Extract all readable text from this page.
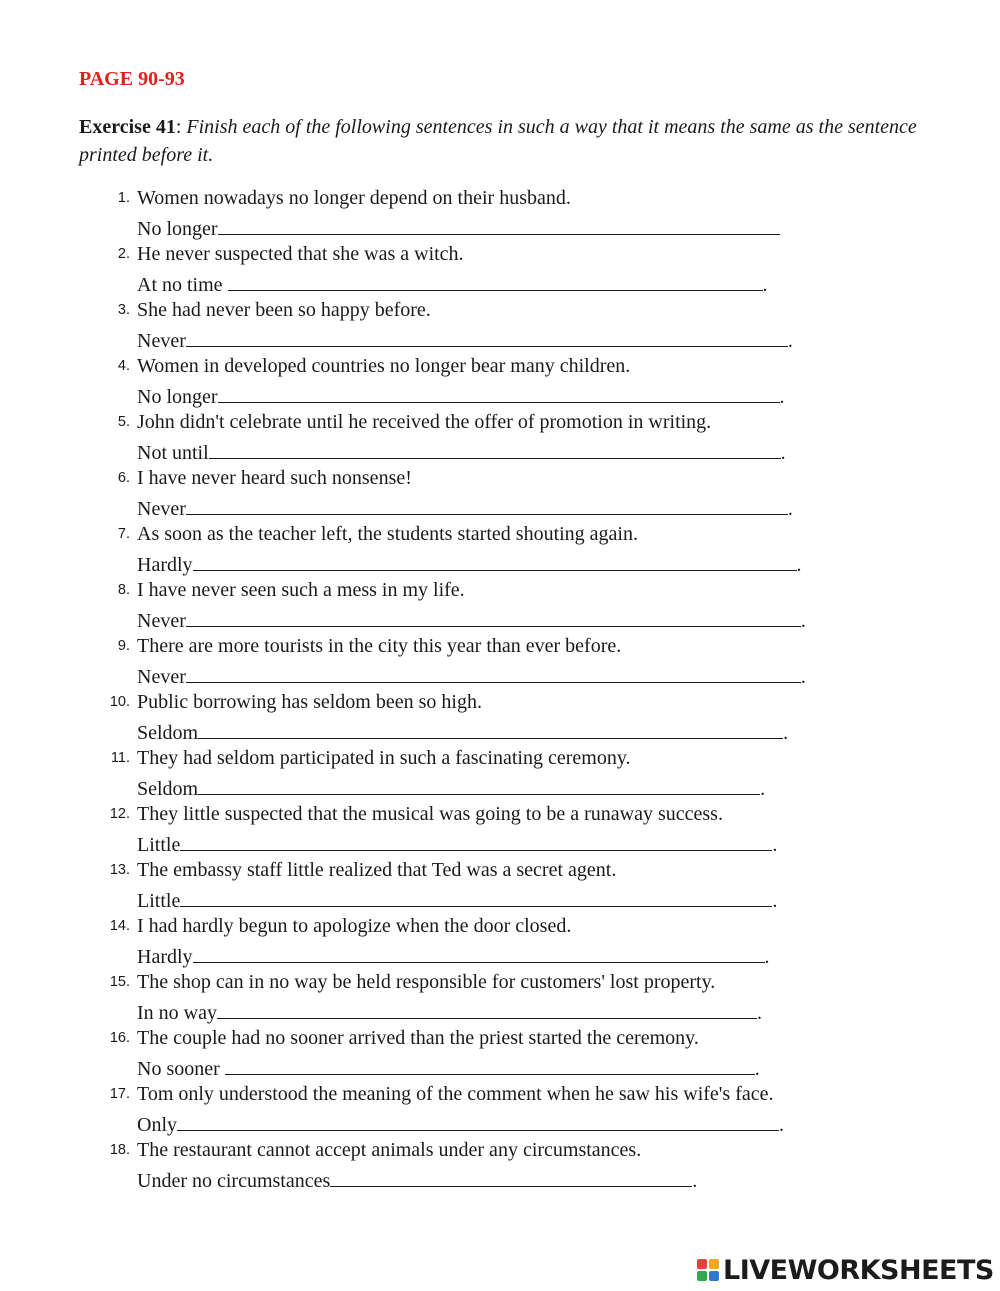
PAGE 90-93
Exercise 41: Finish each of the following sentences in such a way that it means the same as the sentence printed before it.
1. Women nowadays no longer depend on their husband.
No longer
2. He never suspected that she was a witch.
At no time	.
3. She had never been so happy before.
Never	.
4. Women in developed countries no longer bear many children.
No longer	.
5. John didn't celebrate until he received the offer of promotion in writing.
Not until	.
6. I have never heard such nonsense!
Never	.
7. As soon as the teacher left, the students started shouting again.
Hardly	.
8. I have never seen such a mess in my life.
Never	.
9. There are more tourists in the city this year than ever before.
Never	.
10. Public borrowing has seldom been so high.
Seldom	.
11. They had seldom participated in such a fascinating ceremony.
Seldom	.
12. They little suspected that the musical was going to be a runaway success.
Little	.
13. The embassy staff little realized that Ted was a secret agent.
Little	.
14. I had hardly begun to apologize when the door closed.
Hardly	.
15. The shop can in no way be held responsible for customers' lost property.
In no way	.
16. The couple had no sooner arrived than the priest started the ceremony.
No sooner	.
17. Tom only understood the meaning of the comment when he saw his wife's face.
Only	.
18. The restaurant cannot accept animals under any circumstances.
Under no circumstances	.
LIVEWORKSHEETS
